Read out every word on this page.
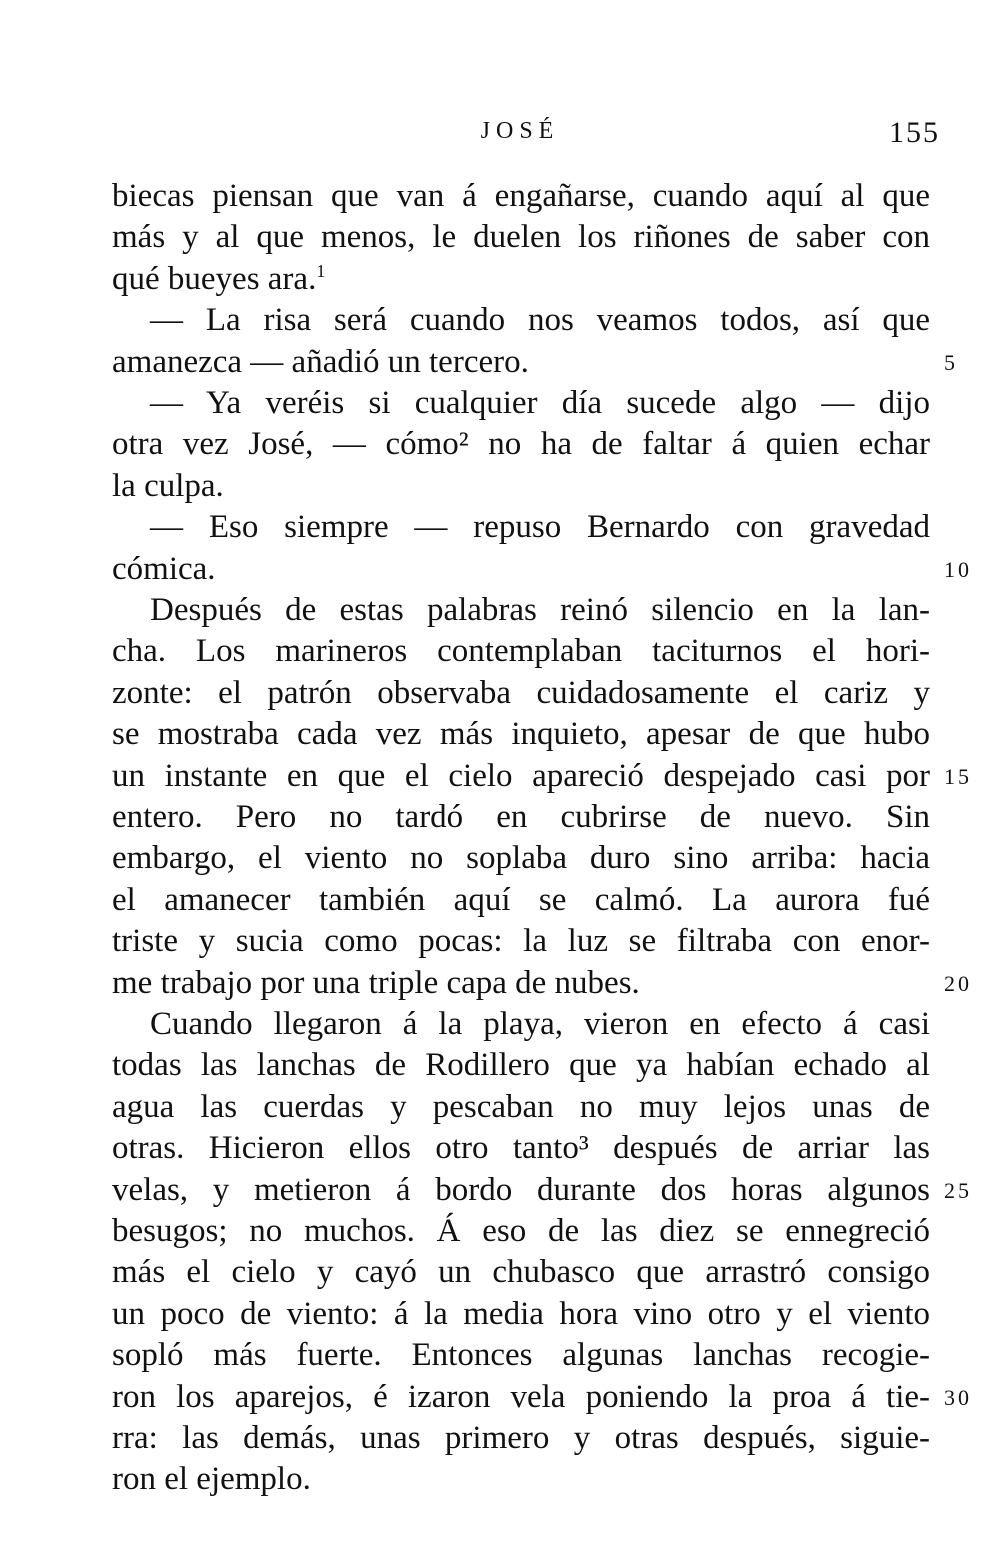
JOSÉ	155
biecas piensan que van á engañarse, cuando aquí al que
más y al que menos, le duelen los riñones de saber con
qué bueyes ara.$^1$
— La risa será cuando nos veamos todos, así que
amanezca — añadió un tercero.	5
— Ya veréis si cualquier día sucede algo — dijo
otra vez José, — cómo² no ha de faltar á quien echar
la culpa.
— Eso siempre — repuso Bernardo con gravedad
cómica.	10
Después de estas palabras reinó silencio en la lan-
cha. Los marineros contemplaban taciturnos el hori-
zonte: el patrón observaba cuidadosamente el cariz y
se mostraba cada vez más inquieto, apesar de que hubo
un instante en que el cielo apareció despejado casi por 15
entero. Pero no tardó en cubrirse de nuevo. Sin
embargo, el viento no soplaba duro sino arriba: hacia
el amanecer también aquí se calmó. La aurora fué
triste y sucia como pocas: la luz se filtraba con enor-
me trabajo por una triple capa de nubes.	20
Cuando llegaron á la playa, vieron en efecto á casi
todas las lanchas de Rodillero que ya habían echado al
agua las cuerdas y pescaban no muy lejos unas de
otras. Hicieron ellos otro tanto³ después de arriar las
velas, y metieron á bordo durante dos horas algunos 25
besugos; no muchos. Á eso de las diez se ennegreció
más el cielo y cayó un chubasco que arrastró consigo
un poco de viento: á la media hora vino otro y el viento
sopló más fuerte. Entonces algunas lanchas recogie-
ron los aparejos, é izaron vela poniendo la proa á tie- 30
rra: las demás, unas primero y otras después, siguie-
ron el ejemplo.
